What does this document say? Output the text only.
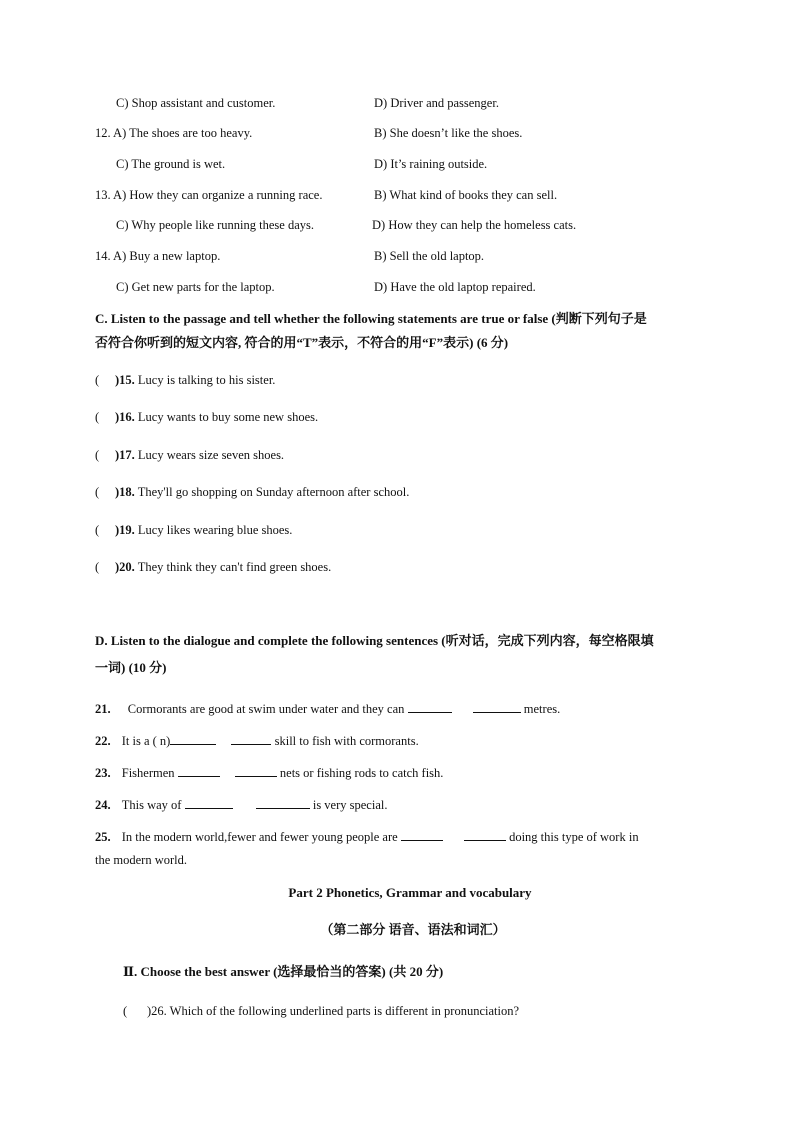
C) Shop assistant and customer.	D) Driver and passenger.
12. A) The shoes are too heavy.	B) She doesn’t like the shoes.
C) The ground is wet.	D) It’s raining outside.
13. A) How they can organize a running race.	B) What kind of books they can sell.
C) Why people like running these days.	D) How they can help the homeless cats.
14. A) Buy a new laptop.	B) Sell the old laptop.
C) Get new parts for the laptop.	D) Have the old laptop repaired.
C. Listen to the passage and tell whether the following statements are true or false (判断下列句子是
否符合你听到的短文内容, 符合的用“T”表示，不符合的用“F”表示) (6 分)
( )15. Lucy is talking to his sister.
( )16. Lucy wants to buy some new shoes.
( )17. Lucy wears size seven shoes.
( )18. They'll go shopping on Sunday afternoon after school.
( )19. Lucy likes wearing blue shoes.
( )20. They think they can't find green shoes.
D. Listen to the dialogue and complete the following sentences (听对话，完成下列内容，每空格限填
一词) (10 分)
21. Cormorants are good at swim under water and they can	metres.
22. It is a ( n)	skill to fish with cormorants.
23. Fishermen	nets or fishing rods to catch fish.
24. This way of	is very special.
25. In the modern world,fewer and fewer young people are	doing this type of work in
the modern world.
Part 2 Phonetics, Grammar and vocabulary
（第二部分 语音、语法和词汇）
Ⅱ. Choose the best answer (选择最恰当的答案) (共 20 分)
( )26. Which of the following underlined parts is different in pronunciation?
